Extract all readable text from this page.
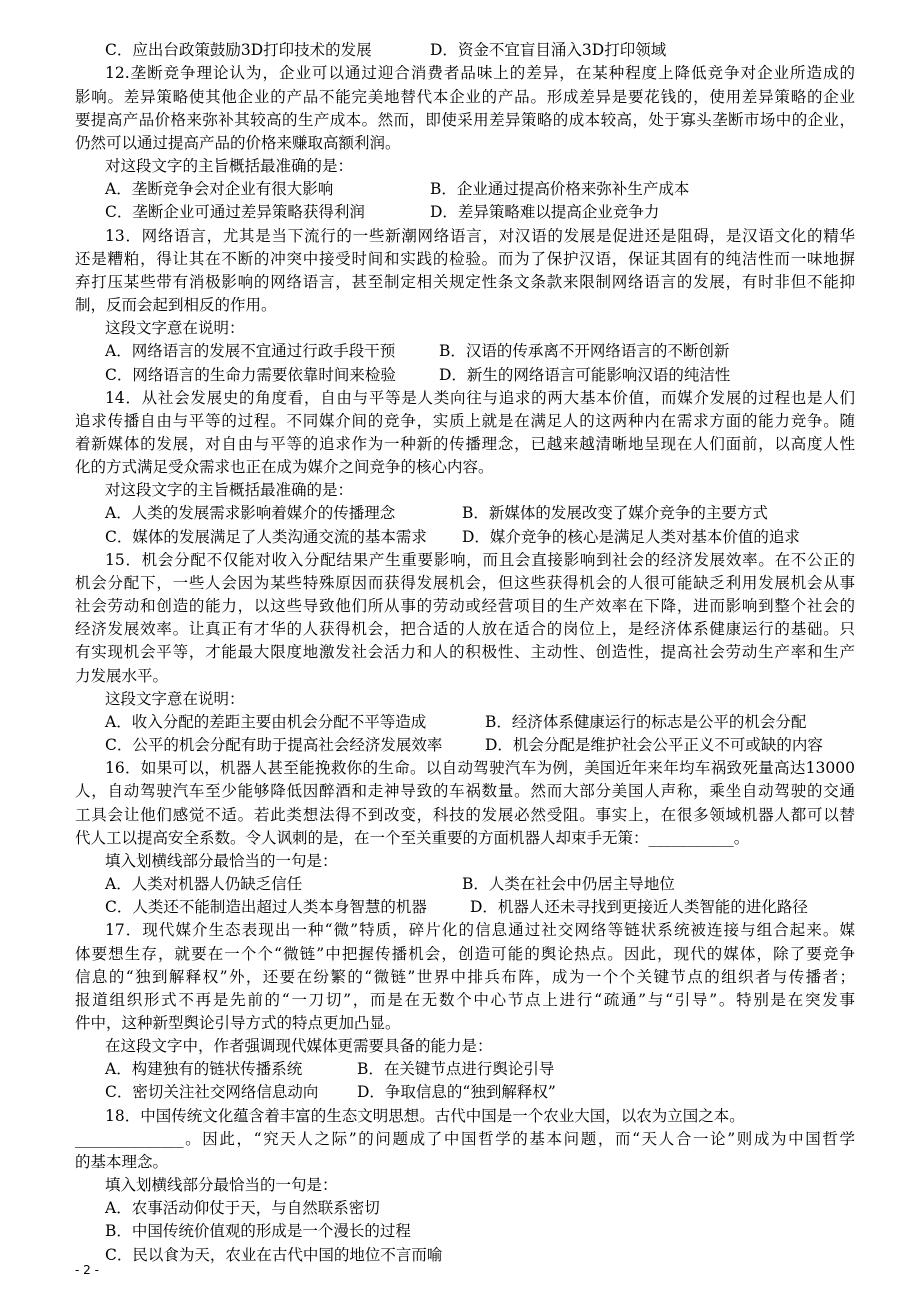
C．应出台政策鼓励3D打印技术的发展	D．资金不宜盲目涌入3D打印领域
12.垄断竞争理论认为，企业可以通过迎合消费者品味上的差异，在某种程度上降低竞争对企业所造成的
影响。差异策略使其他企业的产品不能完美地替代本企业的产品。形成差异是要花钱的，使用差异策略的企业
要提高产品价格来弥补其较高的生产成本。然而，即使采用差异策略的成本较高，处于寡头垄断市场中的企业，
仍然可以通过提高产品的价格来赚取高额利润。
对这段文字的主旨概括最准确的是：
A．垄断竞争会对企业有很大影响	B．企业通过提高价格来弥补生产成本
C．垄断企业可通过差异策略获得利润	D．差异策略难以提高企业竞争力
13．网络语言，尤其是当下流行的一些新潮网络语言，对汉语的发展是促进还是阻碍，是汉语文化的精华
还是糟粕，得让其在不断的冲突中接受时间和实践的检验。而为了保护汉语，保证其固有的纯洁性而一味地摒
弃打压某些带有消极影响的网络语言，甚至制定相关规定性条文条款来限制网络语言的发展，有时非但不能抑
制，反而会起到相反的作用。
这段文字意在说明：
A．网络语言的发展不宜通过行政手段干预	B．汉语的传承离不开网络语言的不断创新
C．网络语言的生命力需要依靠时间来检验	D．新生的网络语言可能影响汉语的纯洁性
14．从社会发展史的角度看，自由与平等是人类向往与追求的两大基本价值，而媒介发展的过程也是人们
追求传播自由与平等的过程。不同媒介间的竞争，实质上就是在满足人的这两种内在需求方面的能力竞争。随
着新媒体的发展，对自由与平等的追求作为一种新的传播理念，已越来越清晰地呈现在人们面前，以高度人性
化的方式满足受众需求也正在成为媒介之间竞争的核心内容。
对这段文字的主旨概括最准确的是：
A．人类的发展需求影响着媒介的传播理念	B．新媒体的发展改变了媒介竞争的主要方式
C．媒体的发展满足了人类沟通交流的基本需求	D．媒介竞争的核心是满足人类对基本价值的追求
15．机会分配不仅能对收入分配结果产生重要影响，而且会直接影响到社会的经济发展效率。在不公正的
机会分配下，一些人会因为某些特殊原因而获得发展机会，但这些获得机会的人很可能缺乏利用发展机会从事
社会劳动和创造的能力，以这些导致他们所从事的劳动或经营项目的生产效率在下降，进而影响到整个社会的
经济发展效率。让真正有才华的人获得机会，把合适的人放在适合的岗位上，是经济体系健康运行的基础。只
有实现机会平等，才能最大限度地激发社会活力和人的积极性、主动性、创造性，提高社会劳动生产率和生产
力发展水平。
这段文字意在说明：
A．收入分配的差距主要由机会分配不平等造成	B．经济体系健康运行的标志是公平的机会分配
C．公平的机会分配有助于提高社会经济发展效率	D．机会分配是维护社会公平正义不可或缺的内容
16．如果可以，机器人甚至能挽救你的生命。以自动驾驶汽车为例，美国近年来年均车祸致死量高达13000
人，自动驾驶汽车至少能够降低因醉酒和走神导致的车祸数量。然而大部分美国人声称，乘坐自动驾驶的交通
工具会让他们感觉不适。若此类想法得不到改变，科技的发展必然受阻。事实上，在很多领域机器人都可以替
代人工以提高安全系数。令人讽刺的是，在一个至关重要的方面机器人却束手无策：___________。
填入划横线部分最恰当的一句是：
A．人类对机器人仍缺乏信任	B．人类在社会中仍居主导地位
C．人类还不能制造出超过人类本身智慧的机器	D．机器人还未寻找到更接近人类智能的进化路径
17．现代媒介生态表现出一种“微”特质，碎片化的信息通过社交网络等链状系统被连接与组合起来。媒
体要想生存，就要在一个个“微链”中把握传播机会，创造可能的舆论热点。因此，现代的媒体，除了要竞争
信息的“独到解释权”外，还要在纷繁的“微链”世界中排兵布阵，成为一个个关键节点的组织者与传播者；
报道组织形式不再是先前的“一刀切”，而是在无数个中心节点上进行“疏通”与“引导”。特别是在突发事
件中，这种新型舆论引导方式的特点更加凸显。
在这段文字中，作者强调现代媒体更需要具备的能力是：
A．构建独有的链状传播系统	B．在关键节点进行舆论引导
C．密切关注社交网络信息动向	D．争取信息的“独到解释权”
18．中国传统文化蕴含着丰富的生态文明思想。古代中国是一个农业大国，以农为立国之本。
______________。因此，“究天人之际”的问题成了中国哲学的基本问题，而“天人合一论”则成为中国哲学
的基本理念。
填入划横线部分最恰当的一句是：
A．农事活动仰仗于天，与自然联系密切
B．中国传统价值观的形成是一个漫长的过程
C．民以食为天，农业在古代中国的地位不言而喻
- 2 -
